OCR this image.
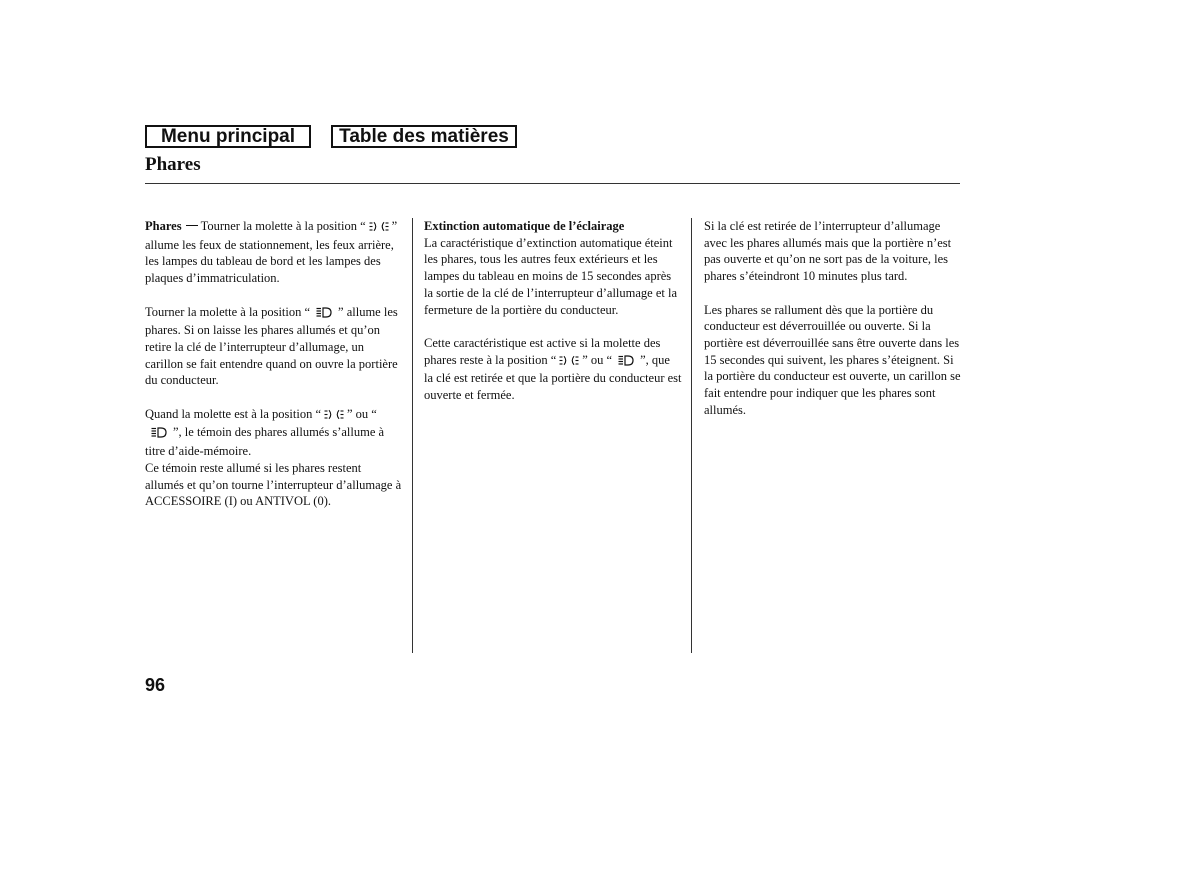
Menu principal	Table des matières
Phares

Phares Tourner la molette à la position “ ” allume les feux de stationnement, les feux arrière, les lampes du tableau de bord et les lampes des plaques d’immatriculation.

Tourner la molette à la position “ ” allume les phares. Si on laisse les phares allumés et qu’on retire la clé de l’interrupteur d’allumage, un carillon se fait entendre quand on ouvre la portière du conducteur.

Quand la molette est à la position “ ” ou “”, le témoin des phares allumés s’allume à titre d’aide-mémoire.

Ce témoin reste allumé si les phares restent allumés et qu’on tourne l’interrupteur d’allumage à ACCESSOIRE (I) ou ANTIVOL (0).

Extinction automatique de l’éclairage

La caractéristique d’extinction automatique éteint les phares, tous les autres feux extérieurs et les lampes du tableau en moins de 15 secondes après la sortie de la clé de l’interrupteur d’allumage et la fermeture de la portière du conducteur.

Cette caractéristique est active si la molette des phares reste à la position “ ” ou “ ”, que la clé est retirée et que la portière du conducteur est ouverte et fermée.

Si la clé est retirée de l’interrupteur d’allumage avec les phares allumés mais que la portière n’est pas ouverte et qu’on ne sort pas de la voiture, les phares s’éteindront 10 minutes plus tard.

Les phares se rallument dès que la portière du conducteur est déverrouillée ou ouverte. Si la portière est déverrouillée sans être ouverte dans les 15 secondes qui suivent, les phares s’éteignent. Si la portière du conducteur est ouverte, un carillon se fait entendre pour indiquer que les phares sont allumés.

96
